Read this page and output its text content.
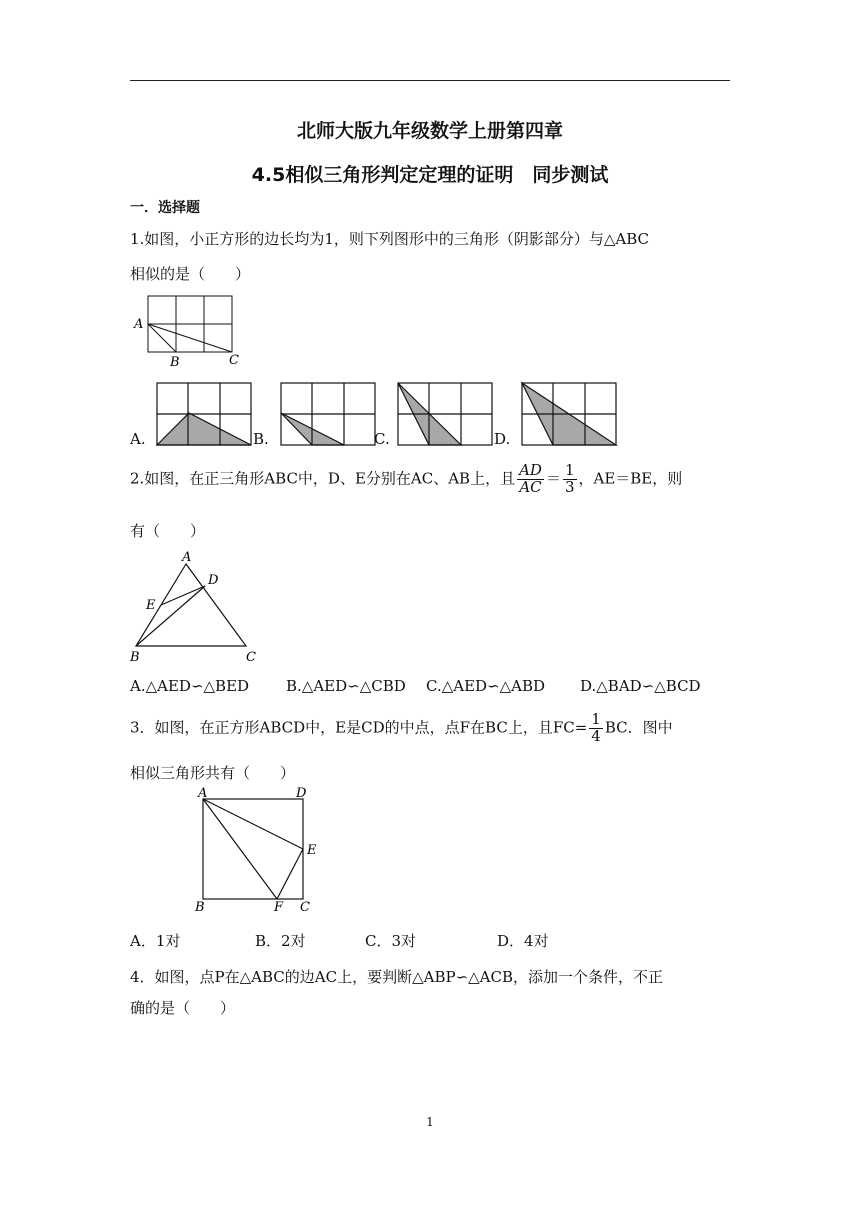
北师大版九年级数学上册第四章
4.5相似三角形判定定理的证明　同步测试
一．选择题
1.如图，小正方形的边长均为1，则下列图形中的三角形（阴影部分）与△ABC
相似的是（　　）
A
B	C
A.	B.	C.	D.
2.如图，在正三角形ABC中，D、E分别在AC、AB上，且 $\frac{AD}{AC} = \frac{1}{3}$ ，AE＝BE，则
有（　　）
A
D
E
B	C
A.△AED∽△BED B.△AED∽△CBD C.△AED∽△ABD D.△BAD∽△BCD
3．如图，在正方形ABCD中，E是CD的中点，点F在BC上，且$FC= \frac{1}{4}$ BC．图中
相似三角形共有（　　）
A	D
E
B	F C
A．1对	B．2对	C．3对	D．4对
4．如图，点P在△ABC的边AC上，要判断△ABP∽△ACB，添加一个条件，不正
确的是（　　）
1
